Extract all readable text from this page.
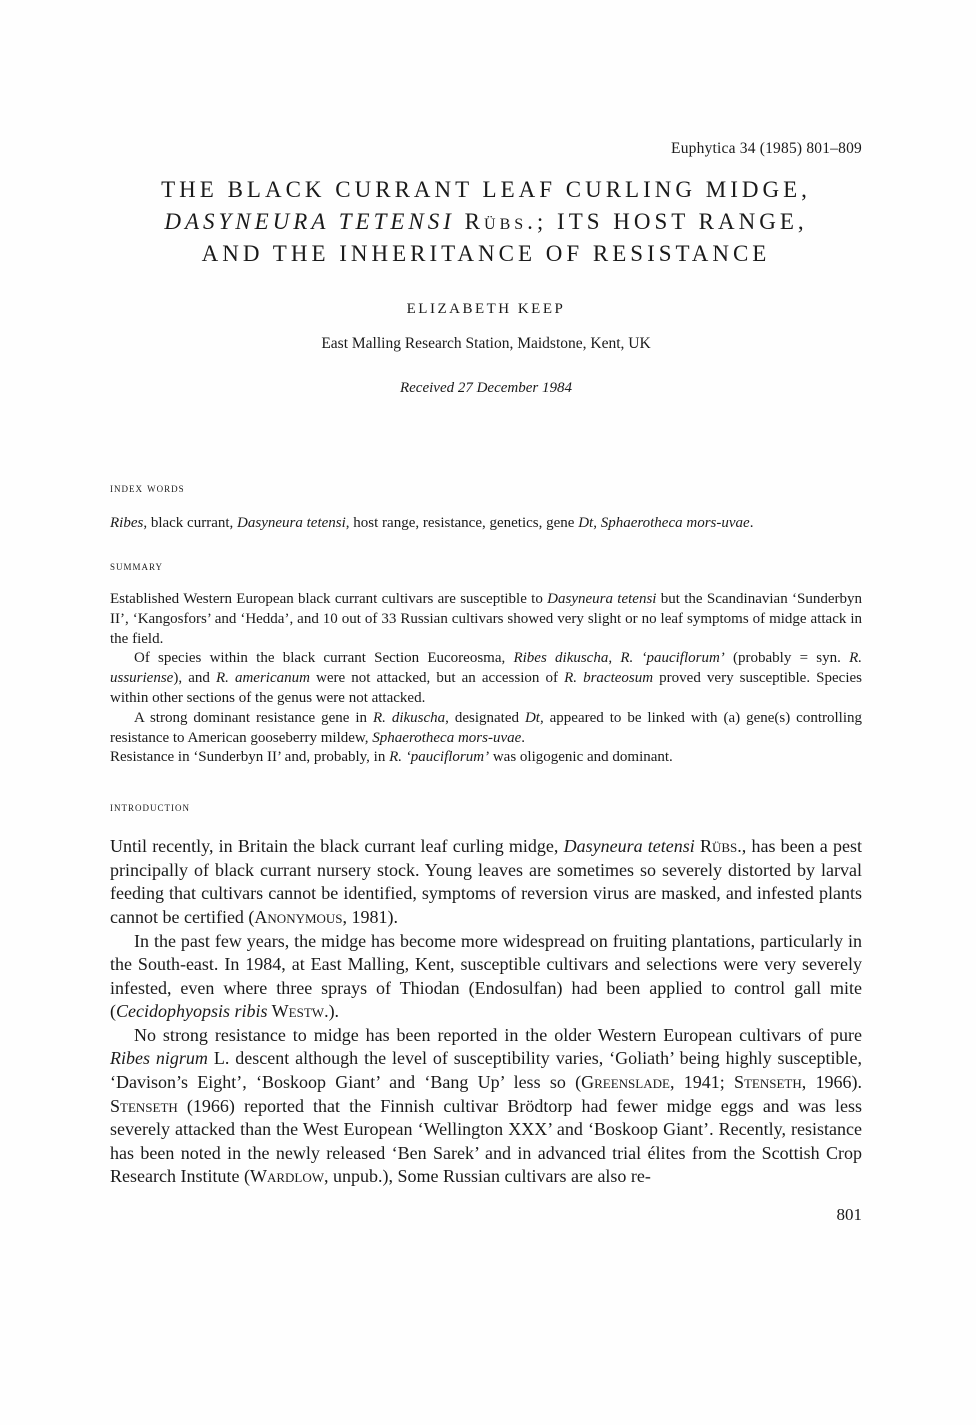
Euphytica 34 (1985) 801–809
THE BLACK CURRANT LEAF CURLING MIDGE,
DASYNEURA TETENSI Rübs.; ITS HOST RANGE,
AND THE INHERITANCE OF RESISTANCE
ELIZABETH KEEP
East Malling Research Station, Maidstone, Kent, UK
Received 27 December 1984
index words
Ribes, black currant, Dasyneura tetensi, host range, resistance, genetics, gene Dt, Sphaerotheca mors-uvae.
summary

Established Western European black currant cultivars are susceptible to Dasyneura tetensi but the Scandinavian ‘Sunderbyn II’, ‘Kangosfors’ and ‘Hedda’, and 10 out of 33 Russian cultivars showed very slight or no leaf symptoms of midge attack in the field.

Of species within the black currant Section Eucoreosma, Ribes dikuscha, R. ‘pauciflorum’ (probably = syn. R. ussuriense), and R. americanum were not attacked, but an accession of R. bracteosum proved very susceptible. Species within other sections of the genus were not attacked.

A strong dominant resistance gene in R. dikuscha, designated Dt, appeared to be linked with (a) gene(s) controlling resistance to American gooseberry mildew, Sphaerotheca mors-uvae.

Resistance in ‘Sunderbyn II’ and, probably, in R. ‘pauciflorum’ was oligogenic and dominant.

introduction

Until recently, in Britain the black currant leaf curling midge, Dasyneura tetensi Rübs., has been a pest principally of black currant nursery stock. Young leaves are sometimes so severely distorted by larval feeding that cultivars cannot be identified, symptoms of reversion virus are masked, and infested plants cannot be certified (Anonymous, 1981).

In the past few years, the midge has become more widespread on fruiting plantations, particularly in the South-east. In 1984, at East Malling, Kent, susceptible cultivars and selections were very severely infested, even where three sprays of Thiodan (Endosulfan) had been applied to control gall mite (Cecidophyopsis ribis Westw.).

No strong resistance to midge has been reported in the older Western European cultivars of pure Ribes nigrum L. descent although the level of susceptibility varies, ‘Goliath’ being highly susceptible, ‘Davison’s Eight’, ‘Boskoop Giant’ and ‘Bang Up’ less so (Greenslade, 1941; Stenseth, 1966). Stenseth (1966) reported that the Finnish cultivar Brödtorp had fewer midge eggs and was less severely attacked than the West European ‘Wellington XXX’ and ‘Boskoop Giant’. Recently, resistance has been noted in the newly released ‘Ben Sarek’ and in advanced trial élites from the Scottish Crop Research Institute (Wardlow, unpub.), Some Russian cultivars are also re-

801
